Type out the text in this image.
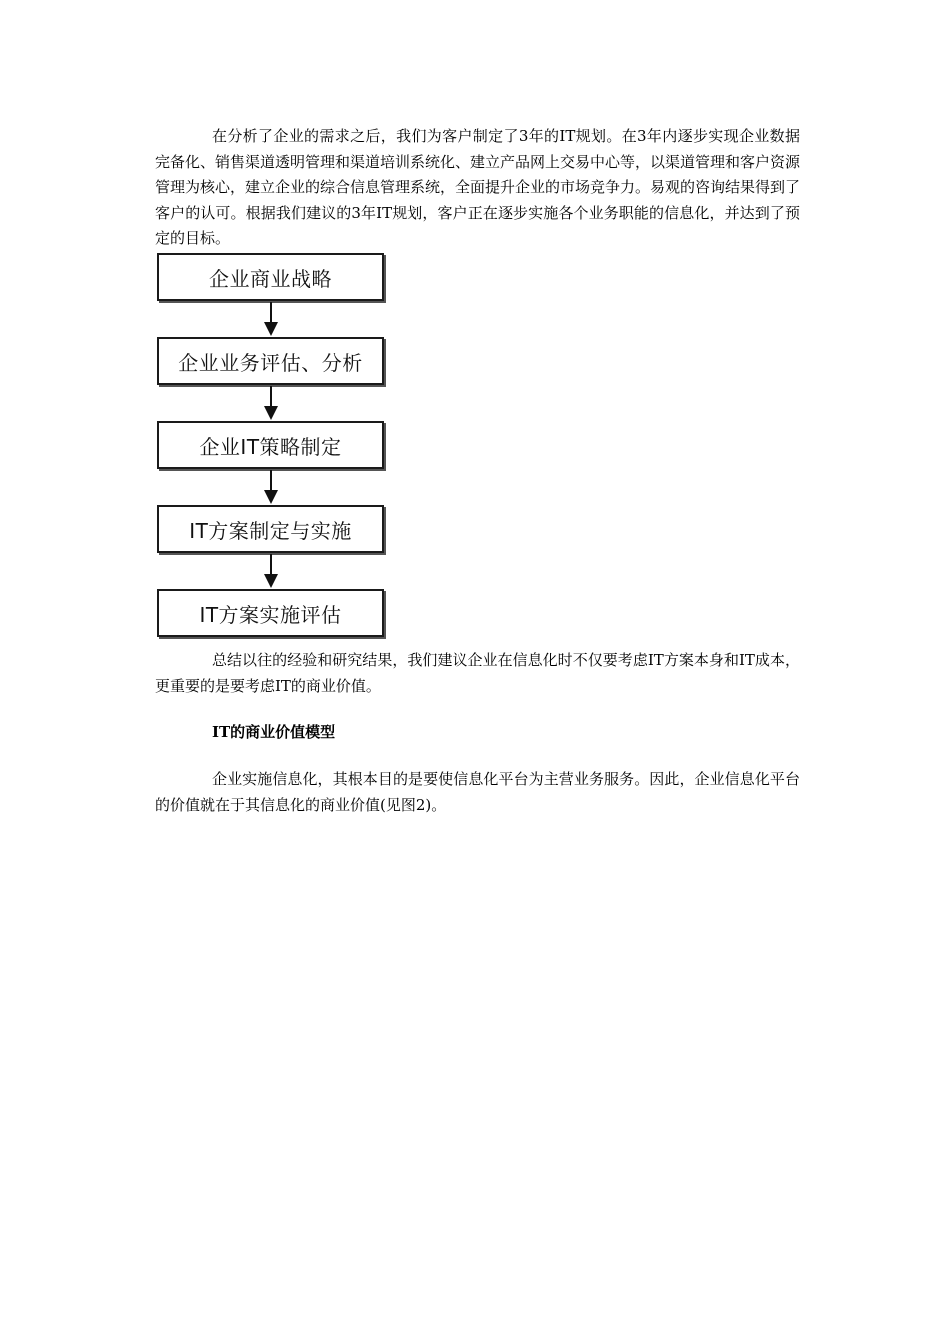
在分析了企业的需求之后，我们为客户制定了3年的IT规划。在3年内逐步实现企业数据完备化、销售渠道透明管理和渠道培训系统化、建立产品网上交易中心等，以渠道管理和客户资源管理为核心，建立企业的综合信息管理系统，全面提升企业的市场竞争力。易观的咨询结果得到了客户的认可。根据我们建议的3年IT规划，客户正在逐步实施各个业务职能的信息化，并达到了预定的目标。

企业商业战略
企业业务评估、分析
企业IT策略制定
IT方案制定与实施
IT方案实施评估

总结以往的经验和研究结果，我们建议企业在信息化时不仅要考虑IT方案本身和IT成本，更重要的是要考虑IT的商业价值。

IT的商业价值模型

企业实施信息化，其根本目的是要使信息化平台为主营业务服务。因此，企业信息化平台的价值就在于其信息化的商业价值(见图2)。
